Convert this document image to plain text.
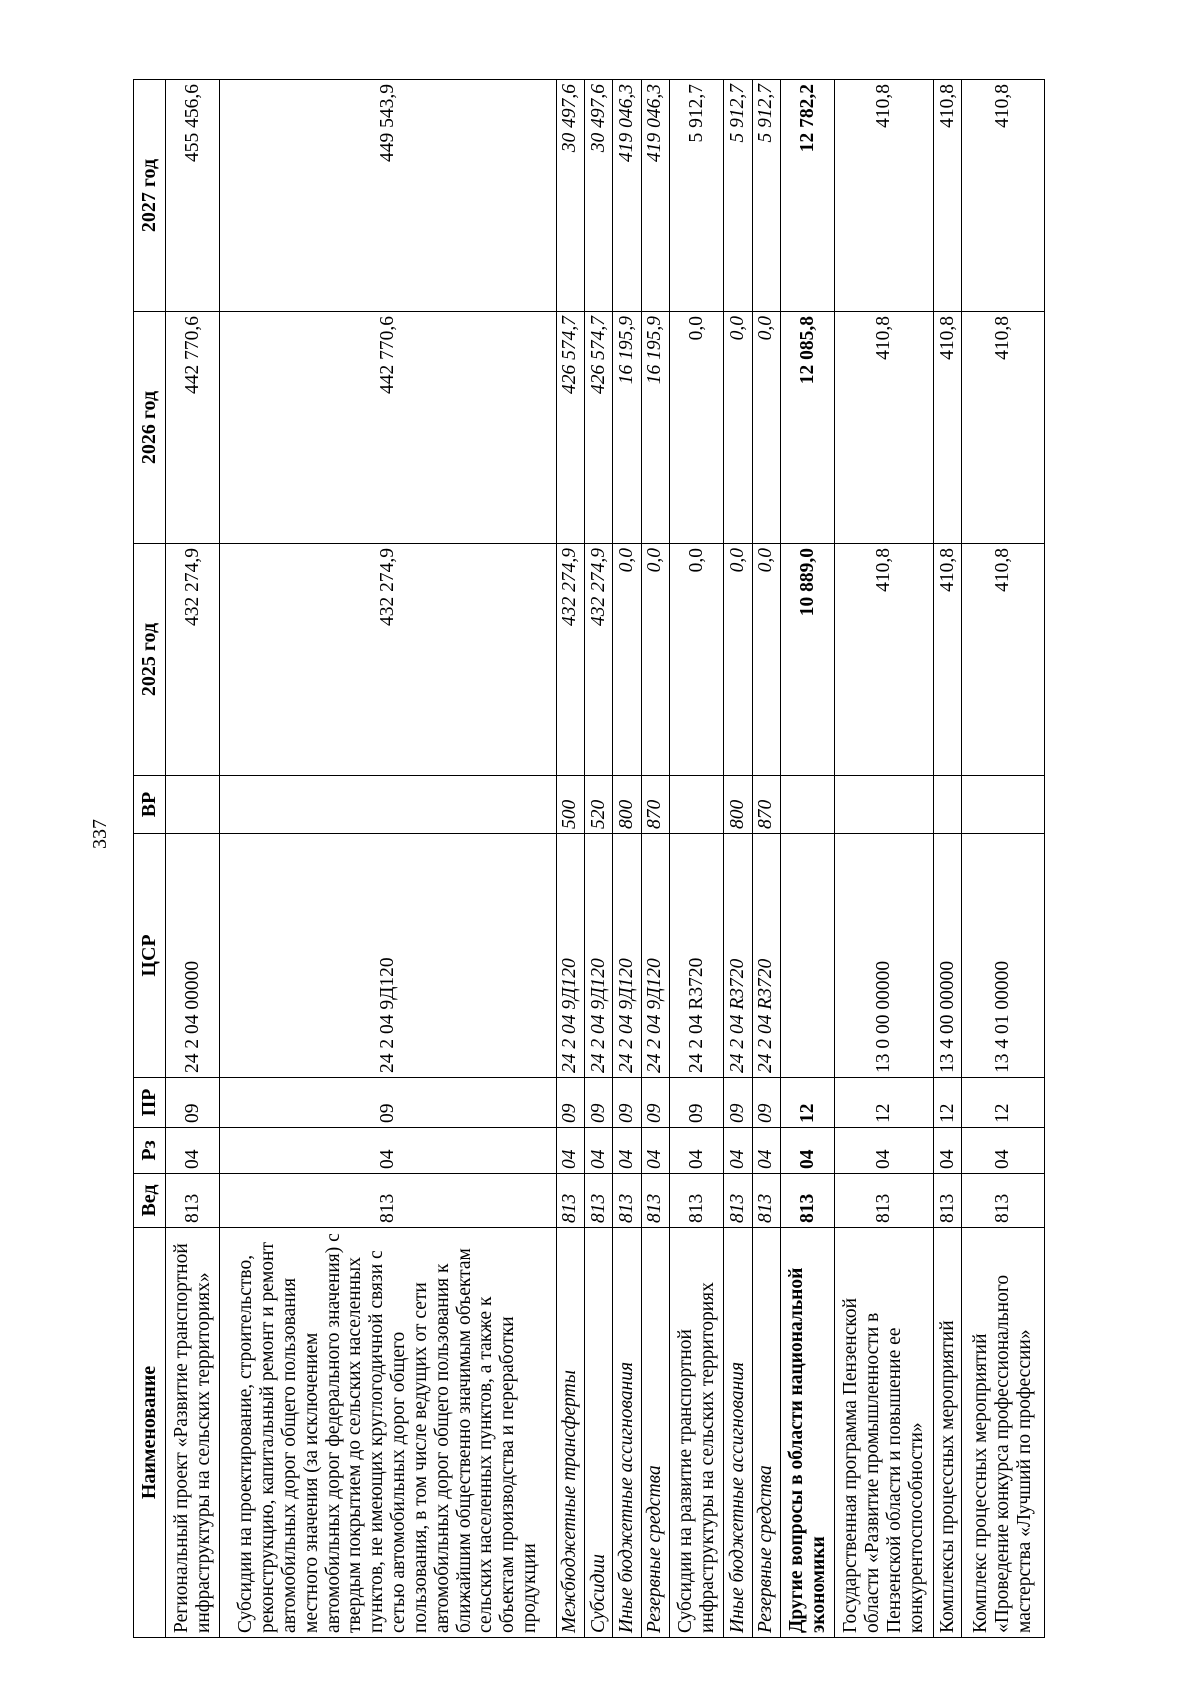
337
Наименование	Вед	Рз	ПР	ЦСР	ВР	2025 год	2026 год	2027 год
Региональный проект «Развитие транспортной инфраструктуры на сельских территориях»	813	04	09	24 2 04 00000		432 274,9	442 770,6	455 456,6
Субсидии на проектирование, строительство, реконструкцию, капитальный ремонт и ремонт автомобильных дорог общего пользования местного значения (за исключением автомобильных дорог федерального значения) с твердым покрытием до сельских населенных пунктов, не имеющих круглогодичной связи с сетью автомобильных дорог общего пользования, в том числе ведущих от сети автомобильных дорог общего пользования к ближайшим общественно значимым объектам сельских населенных пунктов, а также к объектам производства и переработки продукции	813	04	09	24 2 04 9Д120		432 274,9	442 770,6	449 543,9
Межбюджетные трансферты	813	04	09	24 2 04 9Д120	500	432 274,9	426 574,7	30 497,6
Субсидии	813	04	09	24 2 04 9Д120	520	432 274,9	426 574,7	30 497,6
Иные бюджетные ассигнования	813	04	09	24 2 04 9Д120	800	0,0	16 195,9	419 046,3
Резервные средства	813	04	09	24 2 04 9Д120	870	0,0	16 195,9	419 046,3
Субсидии на развитие транспортной инфраструктуры на сельских территориях	813	04	09	24 2 04 R3720		0,0	0,0	5 912,7
Иные бюджетные ассигнования	813	04	09	24 2 04 R3720	800	0,0	0,0	5 912,7
Резервные средства	813	04	09	24 2 04 R3720	870	0,0	0,0	5 912,7
Другие вопросы в области национальной экономики	813	04	12			10 889,0	12 085,8	12 782,2
Государственная программа Пензенской области «Развитие промышленности в Пензенской области и повышение ее конкурентоспособности»	813	04	12	13 0 00 00000		410,8	410,8	410,8
Комплексы процессных мероприятий	813	04	12	13 4 00 00000		410,8	410,8	410,8
Комплекс процессных мероприятий «Проведение конкурса профессионального мастерства «Лучший по профессии»	813	04	12	13 4 01 00000		410,8	410,8	410,8
